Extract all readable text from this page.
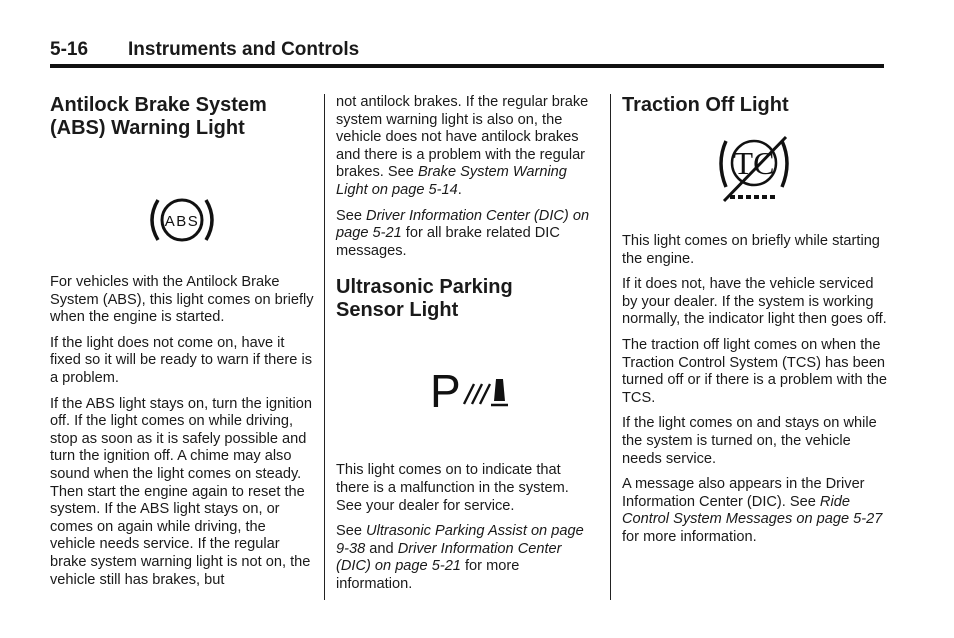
5-16 Instruments and Controls
Antilock Brake System
(ABS) Warning Light
ABS

For vehicles with the Antilock Brake System (ABS), this light comes on briefly when the engine is started.

If the light does not come on, have it fixed so it will be ready to warn if there is a problem.

If the ABS light stays on, turn the ignition off. If the light comes on while driving, stop as soon as it is safely possible and turn the ignition off. A chime may also sound when the light comes on steady. Then start the engine again to reset the system. If the ABS light stays on, or comes on again while driving, the vehicle needs service. If the regular brake system warning light is not on, the vehicle still has brakes, but

not antilock brakes. If the regular brake system warning light is also on, the vehicle does not have antilock brakes and there is a problem with the regular brakes. See Brake System Warning Light on page 5-14.

See Driver Information Center (DIC) on page 5-21 for all brake related DIC messages.

Ultrasonic Parking
Sensor Light
P

This light comes on to indicate that there is a malfunction in the system. See your dealer for service.

See Ultrasonic Parking Assist on page 9-38 and Driver Information Center (DIC) on page 5-21 for more information.

Traction Off Light
TC

This light comes on briefly while starting the engine.

If it does not, have the vehicle serviced by your dealer. If the system is working normally, the indicator light then goes off.

The traction off light comes on when the Traction Control System (TCS) has been turned off or if there is a problem with the TCS.

If the light comes on and stays on while the system is turned on, the vehicle needs service.

A message also appears in the Driver Information Center (DIC). See Ride Control System Messages on page 5-27 for more information.
